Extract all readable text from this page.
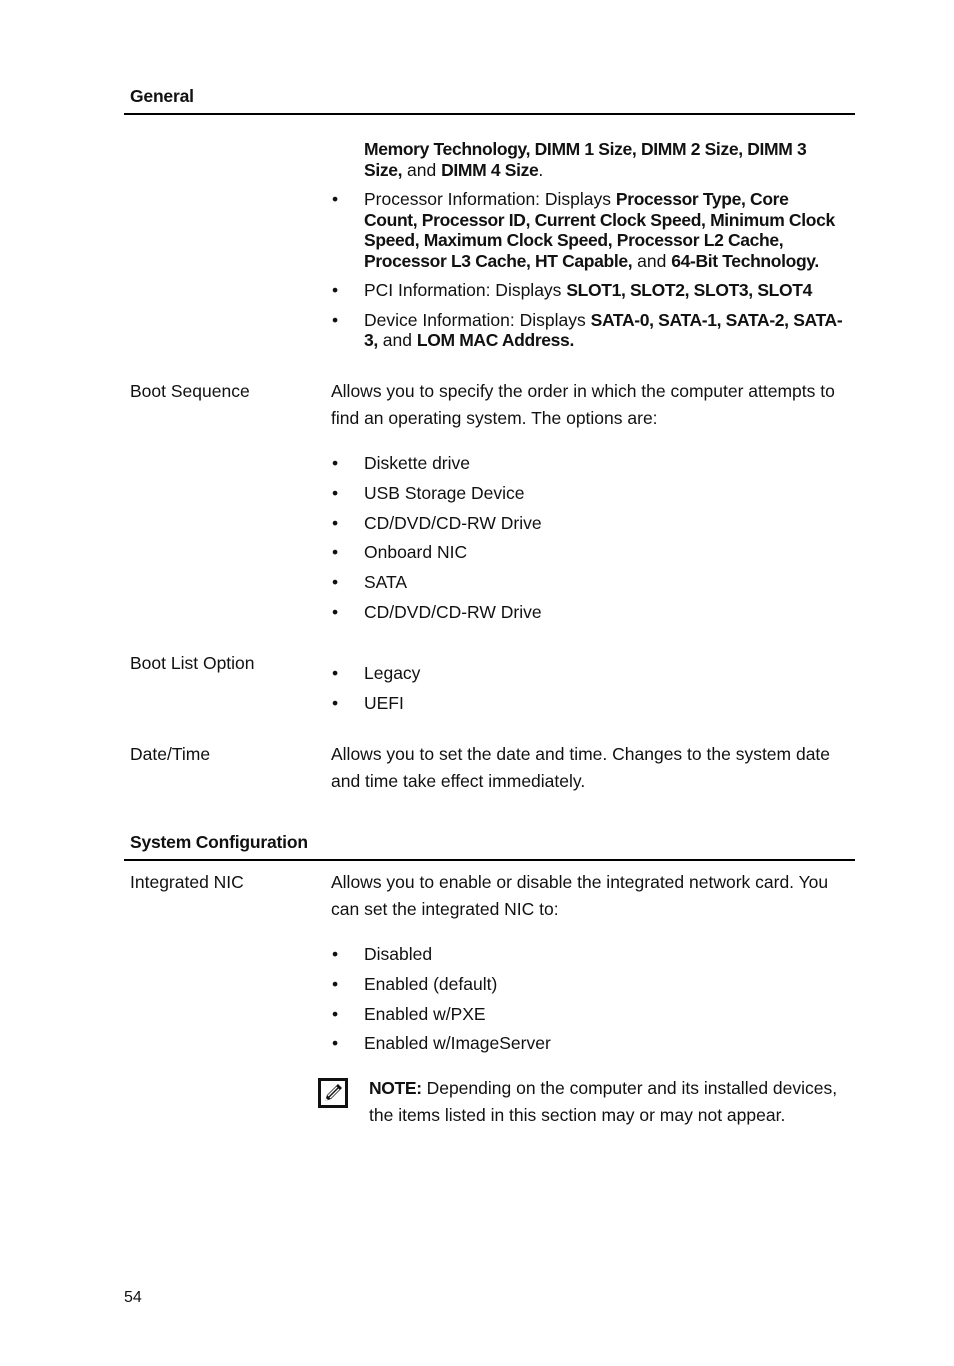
General
Memory Technology, DIMM 1 Size, DIMM 2 Size, DIMM 3 Size, and DIMM 4 Size.
• Processor Information: Displays Processor Type, Core Count, Processor ID, Current Clock Speed, Minimum Clock Speed, Maximum Clock Speed, Processor L2 Cache, Processor L3 Cache, HT Capable, and 64-Bit Technology.
• PCI Information: Displays SLOT1, SLOT2, SLOT3, SLOT4
• Device Information: Displays SATA-0, SATA-1, SATA-2, SATA-3, and LOM MAC Address.
Boot Sequence	Allows you to specify the order in which the computer attempts to find an operating system. The options are:
• Diskette drive
• USB Storage Device
• CD/DVD/CD-RW Drive
• Onboard NIC
• SATA
• CD/DVD/CD-RW Drive
Boot List Option
•	Legacy
• UEFI
Date/Time	Allows you to set the date and time. Changes to the system date and time take effect immediately.
System Configuration
Integrated NIC	Allows you to enable or disable the integrated network card. You can set the integrated NIC to:
• Disabled
• Enabled (default)
• Enabled w/PXE
• Enabled w/ImageServer
NOTE: Depending on the computer and its installed devices, the items listed in this section may or may not appear.
54
